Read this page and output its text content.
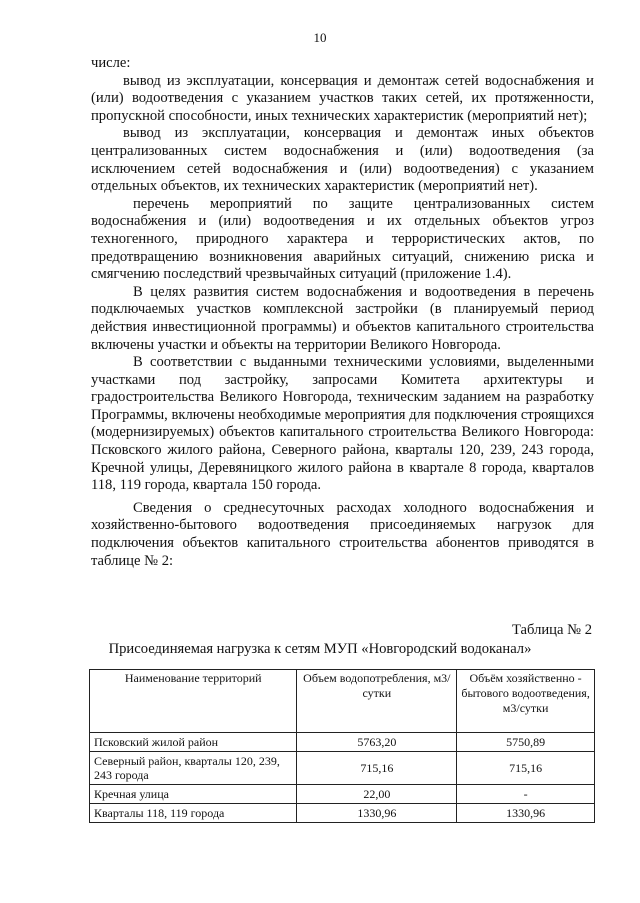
10

числе:

вывод из эксплуатации, консервация и демонтаж сетей водоснабжения и (или) водоотведения с указанием участков таких сетей, их протяженности, пропускной способности, иных технических характеристик (мероприятий нет);

вывод из эксплуатации, консервация и демонтаж иных объектов централизованных систем водоснабжения и (или) водоотведения (за исключением сетей водоснабжения и (или) водоотведения) с указанием отдельных объектов, их технических характеристик (мероприятий нет).

перечень мероприятий по защите централизованных систем водоснабжения и (или) водоотведения и их отдельных объектов угроз техногенного, природного характера и террористических актов, по предотвращению возникновения аварийных ситуаций, снижению риска и смягчению последствий чрезвычайных ситуаций (приложение 1.4).

В целях развития систем водоснабжения и водоотведения в перечень подключаемых участков комплексной застройки (в планируемый период действия инвестиционной программы) и объектов капитального строительства включены участки и объекты на территории Великого Новгорода.

В соответствии с выданными техническими условиями, выделенными участками под застройку, запросами Комитета архитектуры и градостроительства Великого Новгорода, техническим заданием на разработку Программы, включены необходимые мероприятия для подключения строящихся (модернизируемых) объектов капитального строительства Великого Новгорода: Псковского жилого района, Северного района, кварталы 120, 239, 243 города, Кречной улицы, Деревяницкого жилого района в квартале 8 города, кварталов 118, 119 города, квартала 150 города.

Сведения о среднесуточных расходах холодного водоснабжения и хозяйственно-бытового водоотведения присоединяемых нагрузок для подключения объектов капитального строительства абонентов приводятся в таблице № 2:

Таблица № 2
Присоединяемая нагрузка к сетям МУП «Новгородский водоканал»
Наименование территорий	Объем водопотребления, м3/сутки	Объём хозяйственно - бытового водоотведения, м3/сутки
Псковский жилой район	5763,20	5750,89
Северный район, кварталы 120, 239, 243 города	715,16	715,16
Кречная улица	22,00	-
Кварталы 118, 119 города	1330,96	1330,96
